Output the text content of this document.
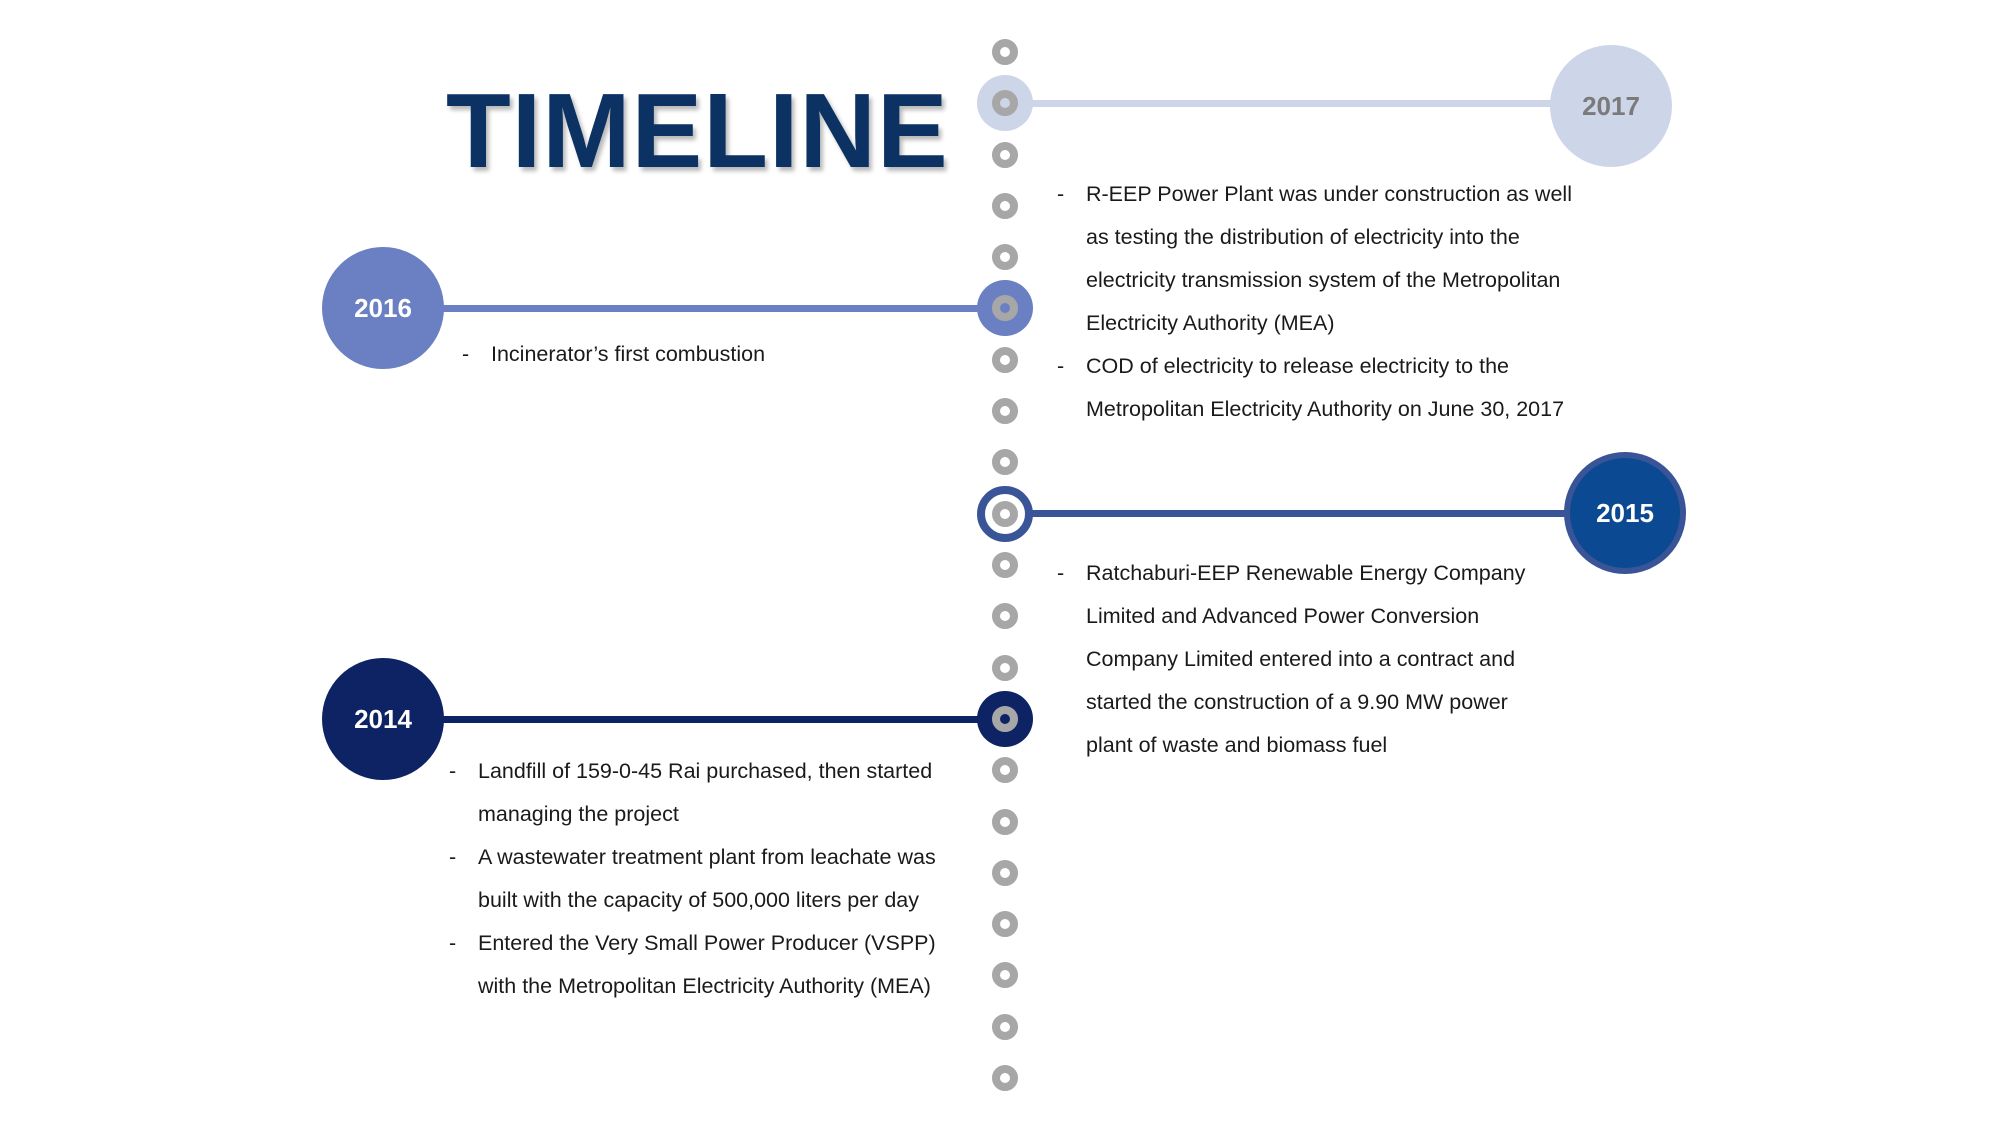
TIMELINE	2017
- R-EEP Power Plant was under construction as well
as testing the distribution of electricity into the
electricity transmission system of the Metropolitan
Electricity Authority (MEA)
- COD of electricity to release electricity to the
Metropolitan Electricity Authority on June 30, 2017
2016
- Incinerator’s first combustion
2015
- Ratchaburi-EEP Renewable Energy Company
Limited and Advanced Power Conversion
Company Limited entered into a contract and
started the construction of a 9.90 MW power
plant of waste and biomass fuel
2014
- Landfill of 159-0-45 Rai purchased, then started
managing the project
- A wastewater treatment plant from leachate was
built with the capacity of 500,000 liters per day
- Entered the Very Small Power Producer (VSPP)
with the Metropolitan Electricity Authority (MEA)
